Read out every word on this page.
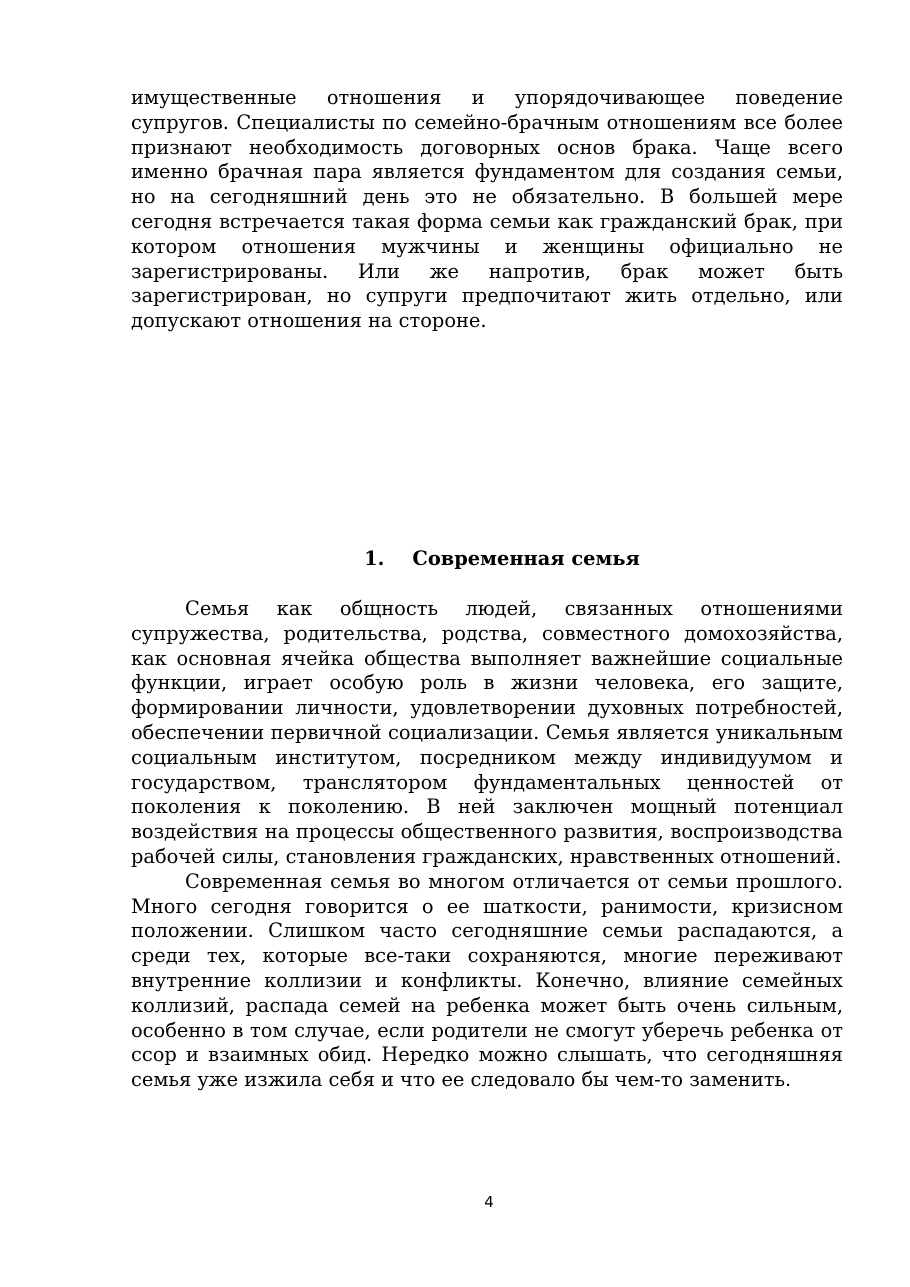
имущественные отношения и упорядочивающее поведение супругов. Специалисты по семейно-брачным отношениям все более признают необходимость договорных основ брака. Чаще всего именно брачная пара является фундаментом для создания семьи, но на сегодняшний день это не обязательно. В большей мере сегодня встречается такая форма семьи как гражданский брак, при котором отношения мужчины и женщины официально не зарегистрированы. Или же напротив, брак может быть зарегистрирован, но супруги предпочитают жить отдельно, или допускают отношения на стороне.

1. Современная семья

Семья как общность людей, связанных отношениями супружества, родительства, родства, совместного домохозяйства, как основная ячейка общества выполняет важнейшие социальные функции, играет особую роль в жизни человека, его защите, формировании личности, удовлетворении духовных потребностей, обеспечении первичной социализации. Семья является уникальным социальным институтом, посредником между индивидуумом и государством, транслятором фундаментальных ценностей от поколения к поколению. В ней заключен мощный потенциал воздействия на процессы общественного развития, воспроизводства рабочей силы, становления гражданских, нравственных отношений.

Современная семья во многом отличается от семьи прошлого. Много сегодня говорится о ее шаткости, ранимости, кризисном положении. Слишком часто сегодняшние семьи распадаются, а среди тех, которые все-таки сохраняются, многие переживают внутренние коллизии и конфликты. Конечно, влияние семейных коллизий, распада семей на ребенка может быть очень сильным, особенно в том случае, если родители не смогут уберечь ребенка от ссор и взаимных обид. Нередко можно слышать, что сегодняшняя семья уже изжила себя и что ее следовало бы чем-то заменить.

4
